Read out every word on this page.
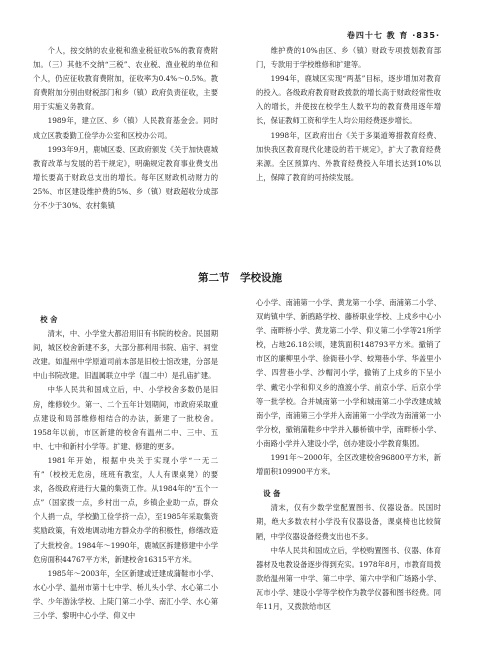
卷四十七 教 育 ·835·

个人，按交纳的农业税和渔业税征收5%的教育费附加。（三）其他不交纳“三税”、农业税、渔业税的单位和个人，仍应征收教育费附加，征收率为0.4%～0.5%。教育费附加分别由财税部门和乡（镇）政府负责征收，主要用于实施义务教育。

1989年，建立区、乡（镇）人民教育基金会。同时成立区教委勤工俭学办公室和区校办公司。

1993年9月，鹿城区委、区政府颁发《关于加快鹿城教育改革与发展的若干规定》，明确规定教育事业费支出增长要高于财政总支出的增长。每年区财政机动财力的25%、市区建设维护费的5%、乡（镇）财政超收分成部分不少于30%、农村集镇

维护费的10%由区、乡（镇）财政专项拨划教育部门，专款用于学校维修和扩建等。

1994年，鹿城区实现“两基”目标，逐步增加对教育的投入。各级政府教育财政拨款的增长高于财政经常性收入的增长，并使按在校学生人数平均的教育费用逐年增长，保证教师工资和学生人均公用经费逐步增长。

1998年，区政府出台《关于多渠道筹措教育经费、加快我区教育现代化建设的若干规定》，扩大了教育经费来源。全区预算内、外教育经费投入年增长达到10%以上，保障了教育的可持续发展。

第二节　学校设施

校 舍

清末，中、小学堂大都沿用旧有书院的校舍。民国期间，城区校舍新建不多，大部分都利用书院、庙宇、祠堂改建。如温州中学原道司前本部是旧校士馆改建，分部是中山书院改建。旧温属联立中学（温二中）是孔庙扩建。

中华人民共和国成立后，中、小学校舍多数仍是旧房，维修较少。第一、二个五年计划期间，市政府采取重点建设和局部维修相结合的办法，新建了一批校舍。1958年以前，市区新建的校舍有温州二中、三中、五中、七中和新村小学等。扩建、修建的更多。

1981年开始，根据中央关于实现小学“一无二有”（校校无危房，班班有教室，人人有课桌凳）的要求，各级政府进行大量的集资工作。从1984年的“五个一点”（国家拨一点，乡村出一点，乡镇企业助一点，群众个人捐一点，学校勤工俭学挤一点），至1985年采取集资奖励政策，有效地调动地方群众办学的积极性，修缮改造了大批校舍。1984年～1990年，鹿城区拆建修建中小学危房面积44767平方米，新建校舍16315平方米。

1985年～2003年，全区新建或迁建成蒲鞋市小学、水心小学、温州市第十七中学、桥儿头小学、水心第二小学、少年游泳学校、上陡门第二小学、南汇小学、水心第三小学、黎明中心小学、仰义中

心小学、南浦第一小学、黄龙第一小学、南浦第二小学、双屿镇中学、新鸥路学校、藤桥职业学校、上戍乡中心小学、南畔桥小学、黄龙第二小学、仰义第二小学等21所学校，占地26.18公顷，建筑面积148793平方米。撤销了市区的廉柳里小学、徐衙巷小学、蛟翔巷小学、华盖里小学、四营巷小学、沙帽河小学，撤销了上戍乡的下呈小学、戴宅小学和仰义乡的渔渡小学、前京小学、后京小学等一批学校。合并城南第一小学和城南第二小学改建成城南小学，南浦第三小学并入南浦第一小学改为南浦第一小学分校，撤销蒲鞋乡中学并入藤桥镇中学，南畔桥小学、小南路小学并入建设小学，创办建设小学教育集团。

1991年～2000年，全区改建校舍96800平方米，新增面积109900平方米。

设 备

清末，仅有少数学堂配置图书、仪器设备。民国时期，绝大多数农村小学没有仪器设备，课桌椅也比较简陋，中学仪器设备经费支出也不多。

中华人民共和国成立后，学校购置图书、仪器、体育器材及电教设备逐步得到充实。1978年8月，市教育局拨款给温州第一中学、第二中学、第六中学和广场路小学、瓦市小学、建设小学等学校作为教学仪器和图书经费。同年11月，又拨款给市区
